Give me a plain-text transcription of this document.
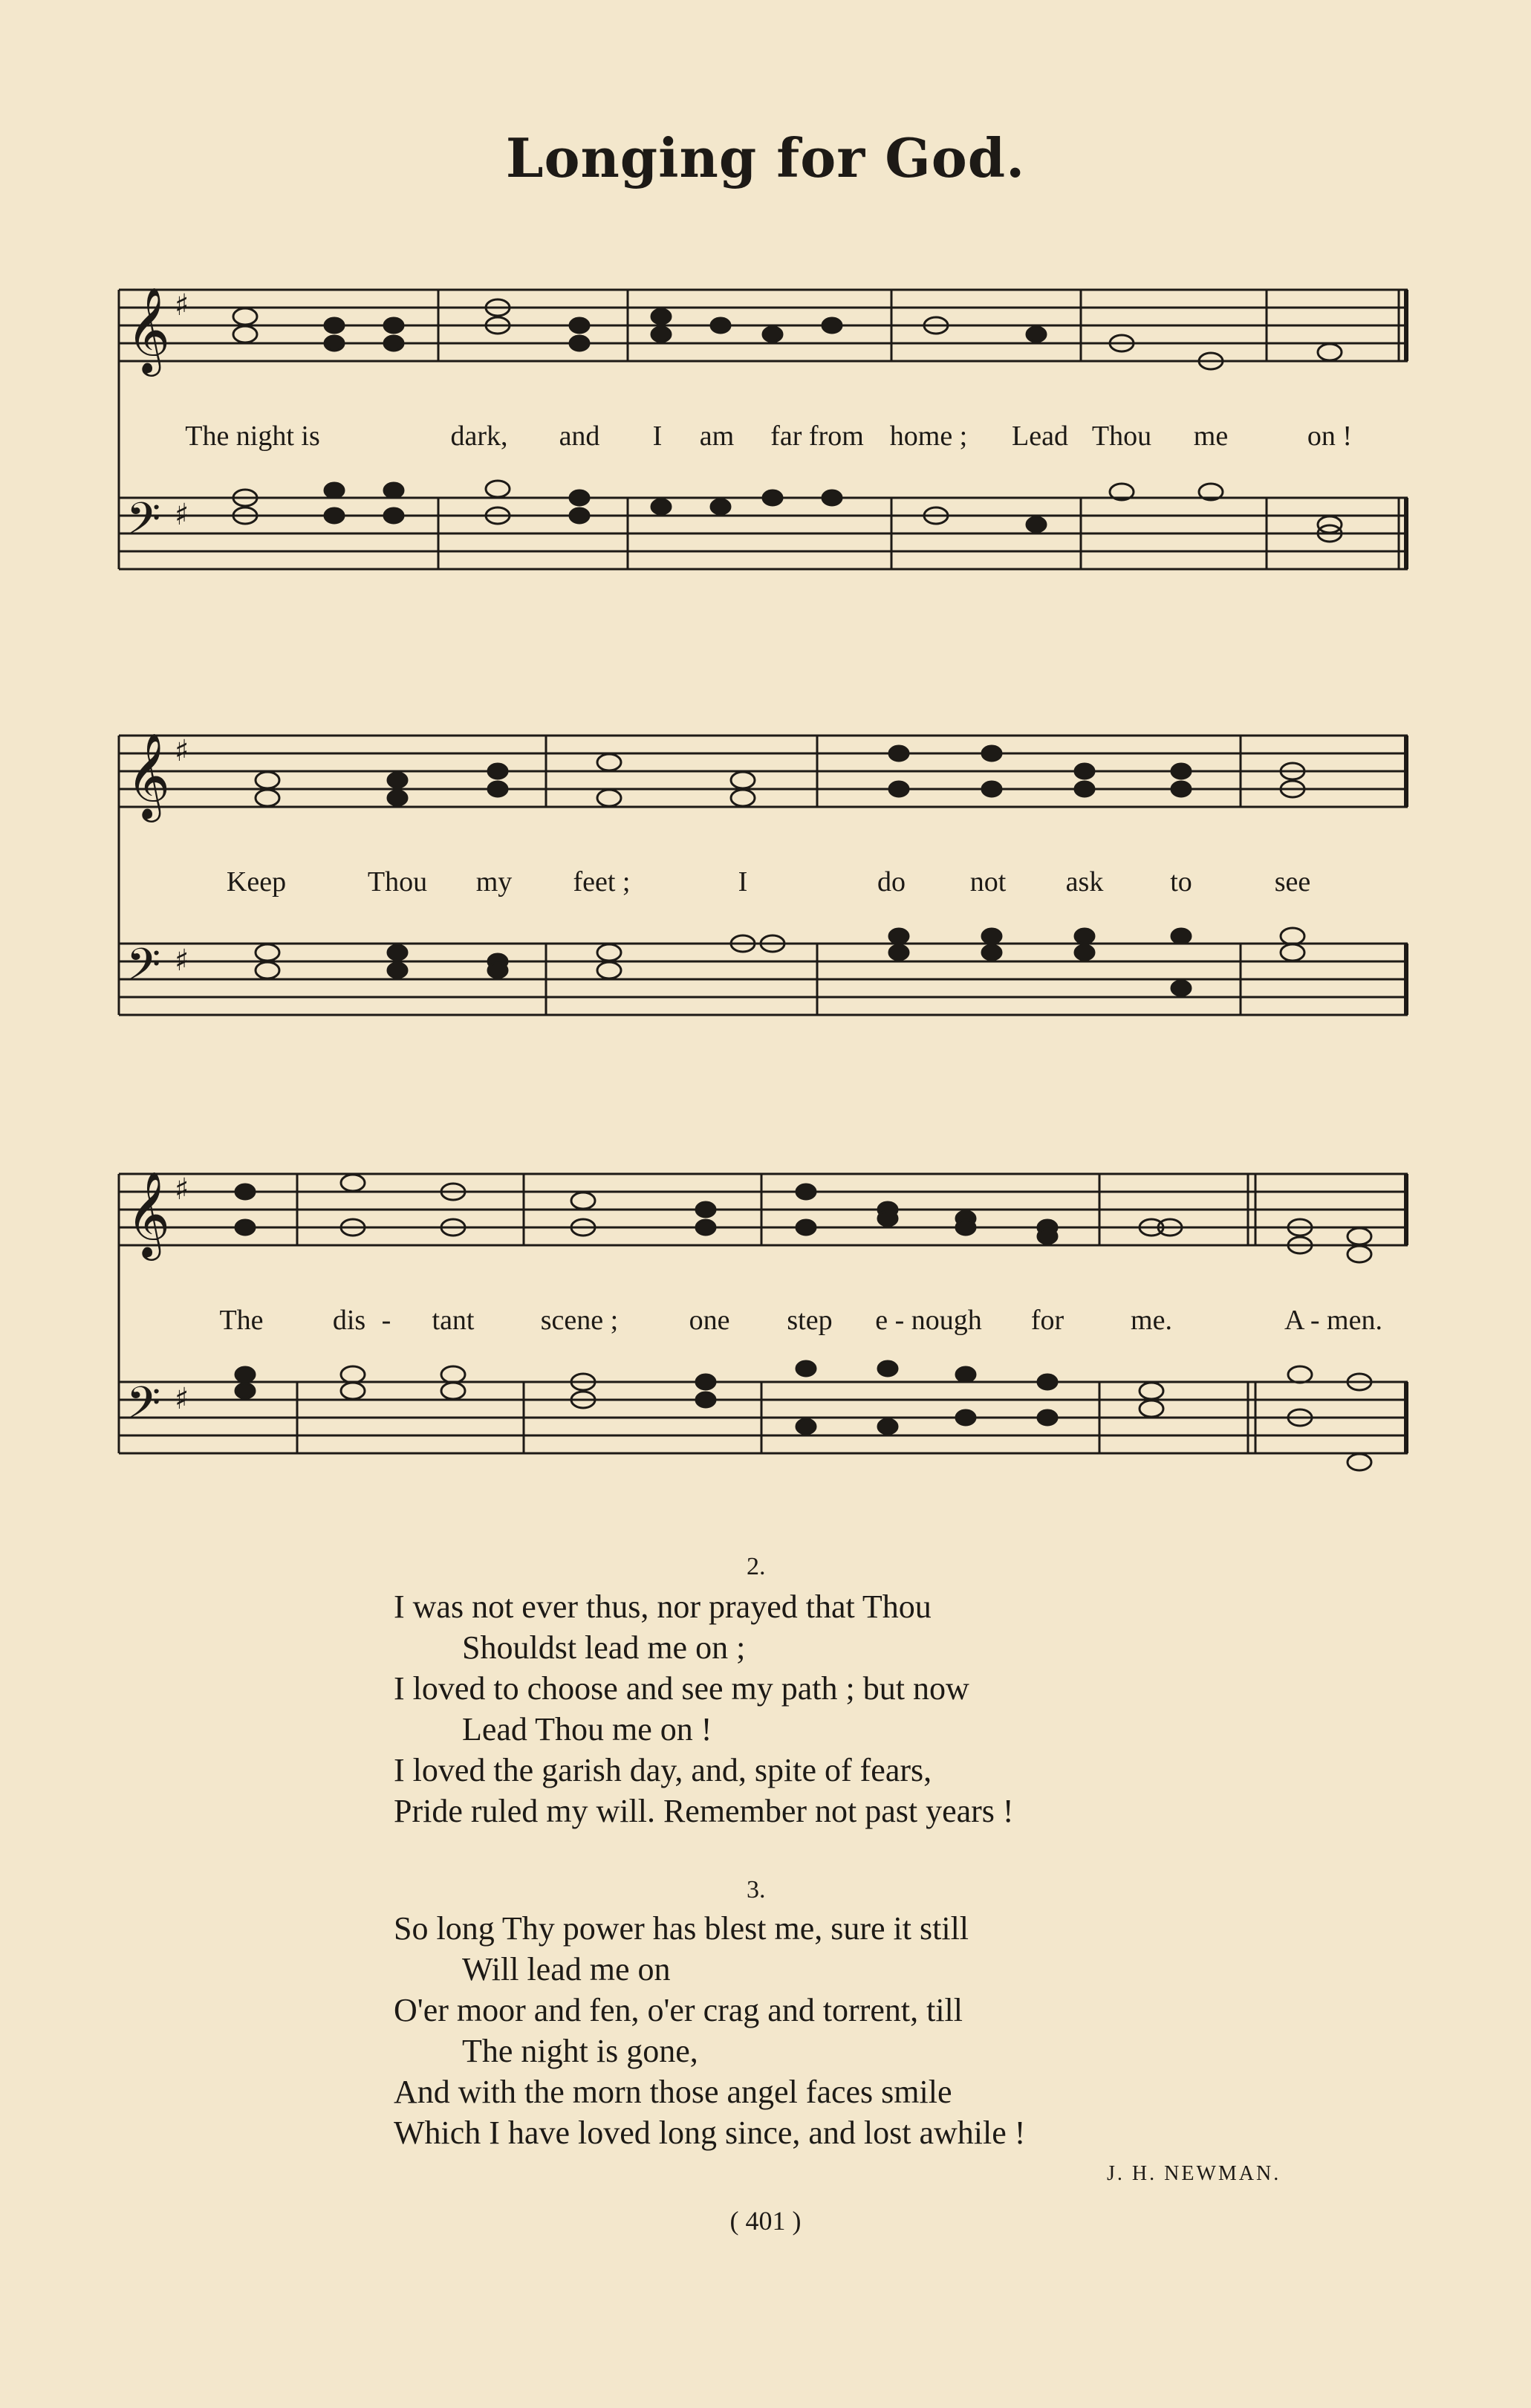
Longing for God.
𝄞 ♯
𝄢 ♯
The night is	dark, and I am far from home ; Lead Thou me	on !
𝄞 ♯
𝄢 ♯
Keep	Thou my feet ;	I	do not ask to	see
𝄞 ♯
𝄢 ♯
The dis - tant scene ;	one step e - nough for me.	A - men.
2.
I was not ever thus, nor prayed that Thou
Shouldst lead me on ;
I loved to choose and see my path ; but now
Lead Thou me on !
I loved the garish day, and, spite of fears,
Pride ruled my will. Remember not past years !
3.
So long Thy power has blest me, sure it still
Will lead me on
O'er moor and fen, o'er crag and torrent, till
The night is gone,
And with the morn those angel faces smile
Which I have loved long since, and lost awhile !
J. H. NEWMAN.
( 401 )
